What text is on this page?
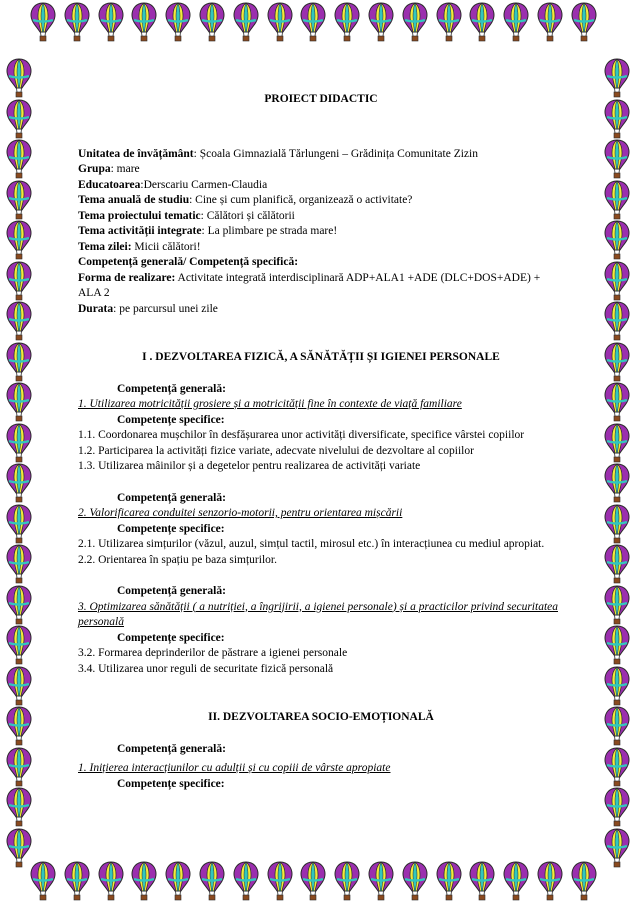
PROIECT DIDACTIC

Unitatea de învățământ: Școala Gimnazială Tărlungeni – Grădinița Comunitate Zizin

Grupa: mare

Educatoarea:Derscariu Carmen-Claudia

Tema anuală de studiu: Cine și cum planifică, organizează o activitate?

Tema proiectului tematic: Călători și călătorii

Tema activității integrate: La plimbare pe strada mare!

Tema zilei: Micii călători!

Competență generală/ Competență specifică:

Forma de realizare: Activitate integrată interdisciplinară ADP+ALA1 +ADE (DLC+DOS+ADE) + ALA 2

Durata: pe parcursul unei zile

I . DEZVOLTAREA FIZICĂ, A SĂNĂTĂȚII ȘI IGIENEI PERSONALE

Competență generală:

1. Utilizarea motricității grosiere și a motricității fine în contexte de viață familiare

Competențe specifice:

1.1. Coordonarea mușchilor în desfășurarea unor activități diversificate, specifice vârstei copiilor

1.2. Participarea la activități fizice variate, adecvate nivelului de dezvoltare al copiilor

1.3. Utilizarea mâinilor și a degetelor pentru realizarea de activități variate

Competență generală:

2. Valorificarea conduitei senzorio-motorii, pentru orientarea mișcării

Competențe specifice:

2.1. Utilizarea simțurilor (văzul, auzul, simțul tactil, mirosul etc.) în interacțiunea cu mediul apropiat.

2.2. Orientarea în spațiu pe baza simțurilor.

Competență generală:

3. Optimizarea sănătății ( a nutriției, a îngrijirii, a igienei personale) și a practicilor privind securitatea personală

Competențe specifice:

3.2. Formarea deprinderilor de păstrare a igienei personale

3.4. Utilizarea unor reguli de securitate fizică personală

II. DEZVOLTAREA SOCIO-EMOȚIONALĂ

Competență generală:

1. Inițierea interacțiunilor cu adulții și cu copiii de vârste apropiate

Competențe specifice:
